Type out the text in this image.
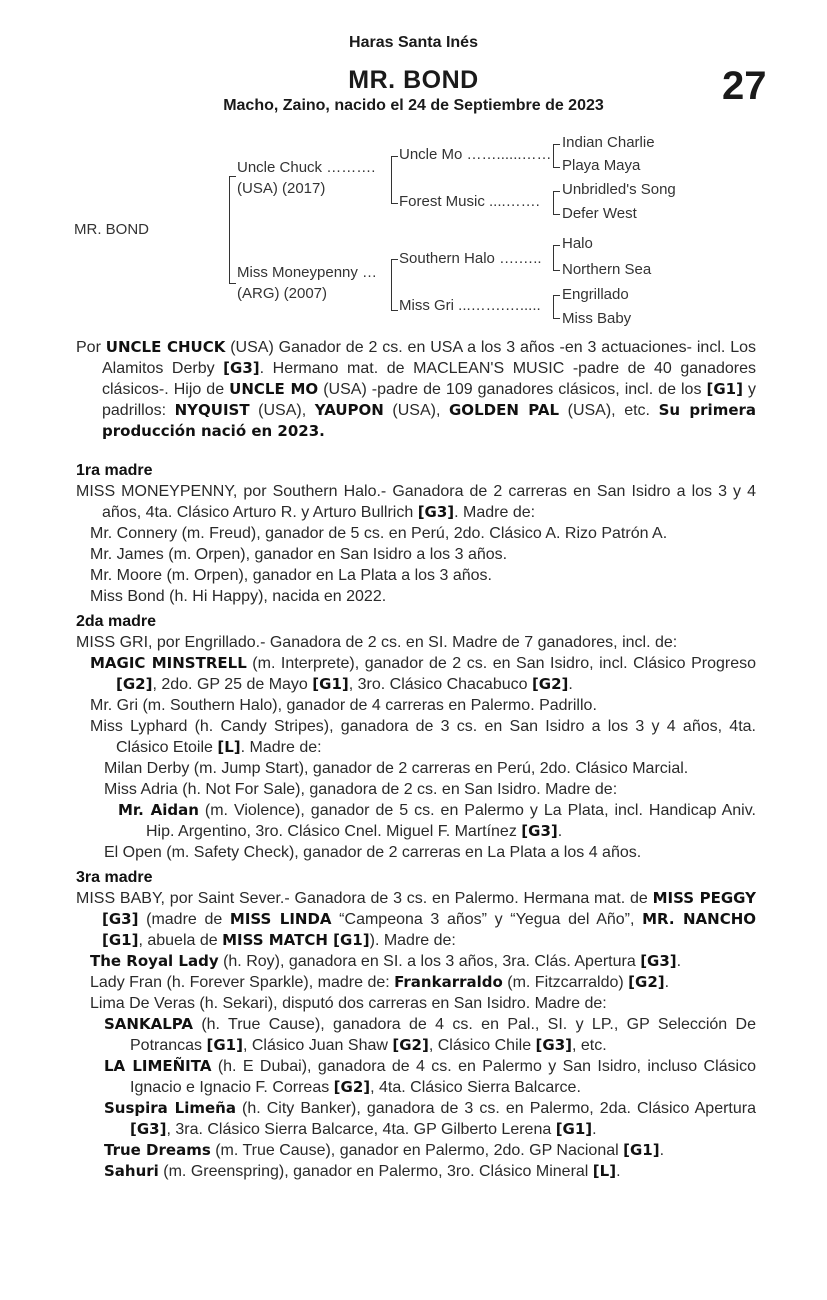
Haras Santa Inés
MR. BOND
Macho, Zaino, nacido el 24 de Septiembre de 2023	27
MR. BOND
Uncle Chuck ……….
(USA) (2017)
Miss Moneypenny …
(ARG) (2007)
Uncle Mo ……......……
Forest Music ....…….
Southern Halo ….…..
Miss Gri ...…….….....
Indian Charlie
Playa Maya
Unbridled's Song
Defer West
Halo
Northern Sea
Engrillado
Miss Baby
Por UNCLE CHUCK (USA) Ganador de 2 cs. en USA a los 3 años -en 3 actuaciones- incl. Los Alamitos Derby [G3]. Hermano mat. de MACLEAN'S MUSIC -padre de 40 ganadores clásicos-. Hijo de UNCLE MO (USA) -padre de 109 ganadores clásicos, incl. de los [G1] y padrillos: NYQUIST (USA), YAUPON (USA), GOLDEN PAL (USA), etc. Su primera producción nació en 2023.
1ra madre
MISS MONEYPENNY, por Southern Halo.- Ganadora de 2 carreras en San Isidro a los 3 y 4 años, 4ta. Clásico Arturo R. y Arturo Bullrich [G3]. Madre de:
Mr. Connery (m. Freud), ganador de 5 cs. en Perú, 2do. Clásico A. Rizo Patrón A.
Mr. James (m. Orpen), ganador en San Isidro a los 3 años.
Mr. Moore (m. Orpen), ganador en La Plata a los 3 años.
Miss Bond (h. Hi Happy), nacida en 2022.
2da madre
MISS GRI, por Engrillado.- Ganadora de 2 cs. en SI. Madre de 7 ganadores, incl. de:
MAGIC MINSTRELL (m. Interprete), ganador de 2 cs. en San Isidro, incl. Clásico Progreso [G2], 2do. GP 25 de Mayo [G1], 3ro. Clásico Chacabuco [G2].
Mr. Gri (m. Southern Halo), ganador de 4 carreras en Palermo. Padrillo.
Miss Lyphard (h. Candy Stripes), ganadora de 3 cs. en San Isidro a los 3 y 4 años, 4ta. Clásico Etoile [L]. Madre de:
Milan Derby (m. Jump Start), ganador de 2 carreras en Perú, 2do. Clásico Marcial.
Miss Adria (h. Not For Sale), ganadora de 2 cs. en San Isidro. Madre de:
Mr. Aidan (m. Violence), ganador de 5 cs. en Palermo y La Plata, incl. Handicap Aniv. Hip. Argentino, 3ro. Clásico Cnel. Miguel F. Martínez [G3].
El Open (m. Safety Check), ganador de 2 carreras en La Plata a los 4 años.
3ra madre
MISS BABY, por Saint Sever.- Ganadora de 3 cs. en Palermo. Hermana mat. de MISS PEGGY [G3] (madre de MISS LINDA “Campeona 3 años” y “Yegua del Año”, MR. NANCHO [G1], abuela de MISS MATCH [G1]). Madre de:
The Royal Lady (h. Roy), ganadora en SI. a los 3 años, 3ra. Clás. Apertura [G3].
Lady Fran (h. Forever Sparkle), madre de: Frankarraldo (m. Fitzcarraldo) [G2].
Lima De Veras (h. Sekari), disputó dos carreras en San Isidro. Madre de:
SANKALPA (h. True Cause), ganadora de 4 cs. en Pal., SI. y LP., GP Selección De Potrancas [G1], Clásico Juan Shaw [G2], Clásico Chile [G3], etc.
LA LIMEÑITA (h. E Dubai), ganadora de 4 cs. en Palermo y San Isidro, incluso Clásico Ignacio e Ignacio F. Correas [G2], 4ta. Clásico Sierra Balcarce.
Suspira Limeña (h. City Banker), ganadora de 3 cs. en Palermo, 2da. Clásico Apertura [G3], 3ra. Clásico Sierra Balcarce, 4ta. GP Gilberto Lerena [G1].
True Dreams (m. True Cause), ganador en Palermo, 2do. GP Nacional [G1].
Sahuri (m. Greenspring), ganador en Palermo, 3ro. Clásico Mineral [L].
